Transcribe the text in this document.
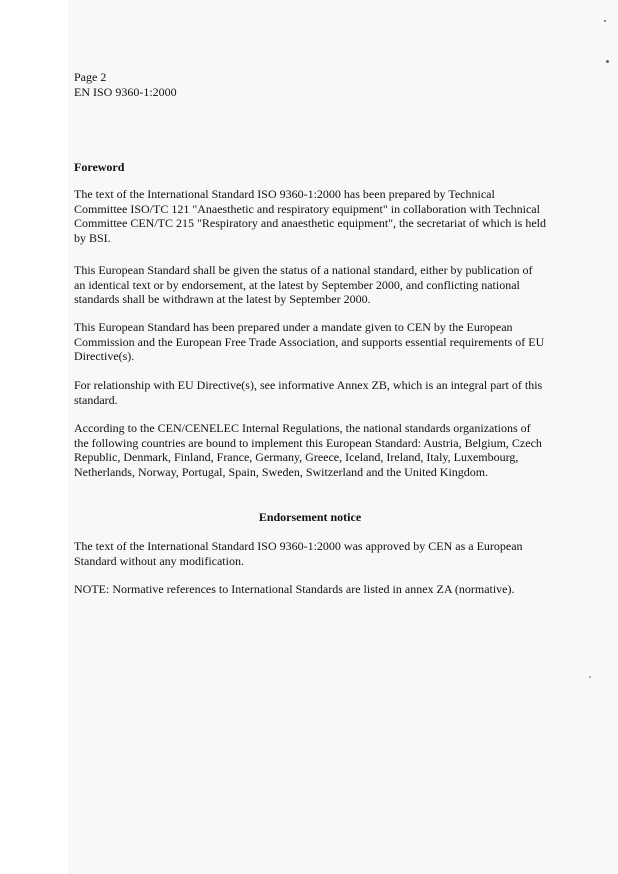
Page 2

EN ISO 9360-1:2000

Foreword

The text of the International Standard ISO 9360-1:2000 has been prepared by Technical Committee ISO/TC 121 "Anaesthetic and respiratory equipment" in collaboration with Technical Committee CEN/TC 215 "Respiratory and anaesthetic equipment", the secretariat of which is held by BSI.

This European Standard shall be given the status of a national standard, either by publication of an identical text or by endorsement, at the latest by September 2000, and conflicting national standards shall be withdrawn at the latest by September 2000.

This European Standard has been prepared under a mandate given to CEN by the European Commission and the European Free Trade Association, and supports essential requirements of EU Directive(s).

For relationship with EU Directive(s), see informative Annex ZB, which is an integral part of this standard.

According to the CEN/CENELEC Internal Regulations, the national standards organizations of the following countries are bound to implement this European Standard: Austria, Belgium, Czech Republic, Denmark, Finland, France, Germany, Greece, Iceland, Ireland, Italy, Luxembourg, Netherlands, Norway, Portugal, Spain, Sweden, Switzerland and the United Kingdom.

Endorsement notice

The text of the International Standard ISO 9360-1:2000 was approved by CEN as a European Standard without any modification.

NOTE: Normative references to International Standards are listed in annex ZA (normative).
